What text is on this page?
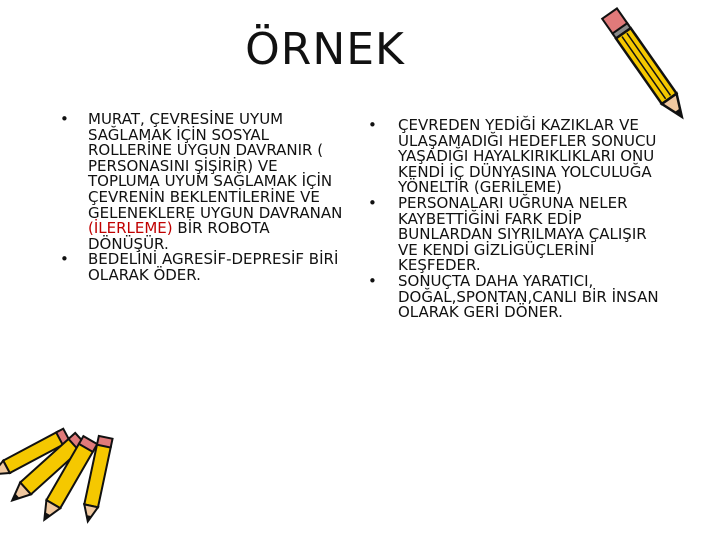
ÖRNEK
• MURAT, ÇEVRESİNE UYUM SAĞLAMAK İÇİN SOSYAL ROLLERİNE UYGUN DAVRANIR ( PERSONASINI ŞİŞİRİR) VE TOPLUMA UYUM SAĞLAMAK İÇİN ÇEVRENİN BEKLENTİLERİNE VE GELENEKLERE UYGUN DAVRANAN (İLERLEME) BİR ROBOTA DÖNÜŞÜR.
• BEDELİNİ AGRESİF-DEPRESİF BİRİ OLARAK ÖDER.
• ÇEVREDEN YEDİĞİ KAZIKLAR VE ULAŞAMADIĞI HEDEFLER SONUCU YAŞADIĞI HAYALKIRIKLIKLARI ONU KENDİ İÇ DÜNYASINA YOLCULUĞA YÖNELTİR (GERİLEME)
• PERSONALARI UĞRUNA NELER KAYBETTİĞİNİ FARK EDİP BUNLARDAN SIYRILMAYA ÇALIŞIR VE KENDİ GİZLİGÜÇLERİNİ KEŞFEDER.
• SONUÇTA DAHA YARATICI, DOĞAL,SPONTAN,CANLI BİR İNSAN OLARAK GERİ DÖNER.
